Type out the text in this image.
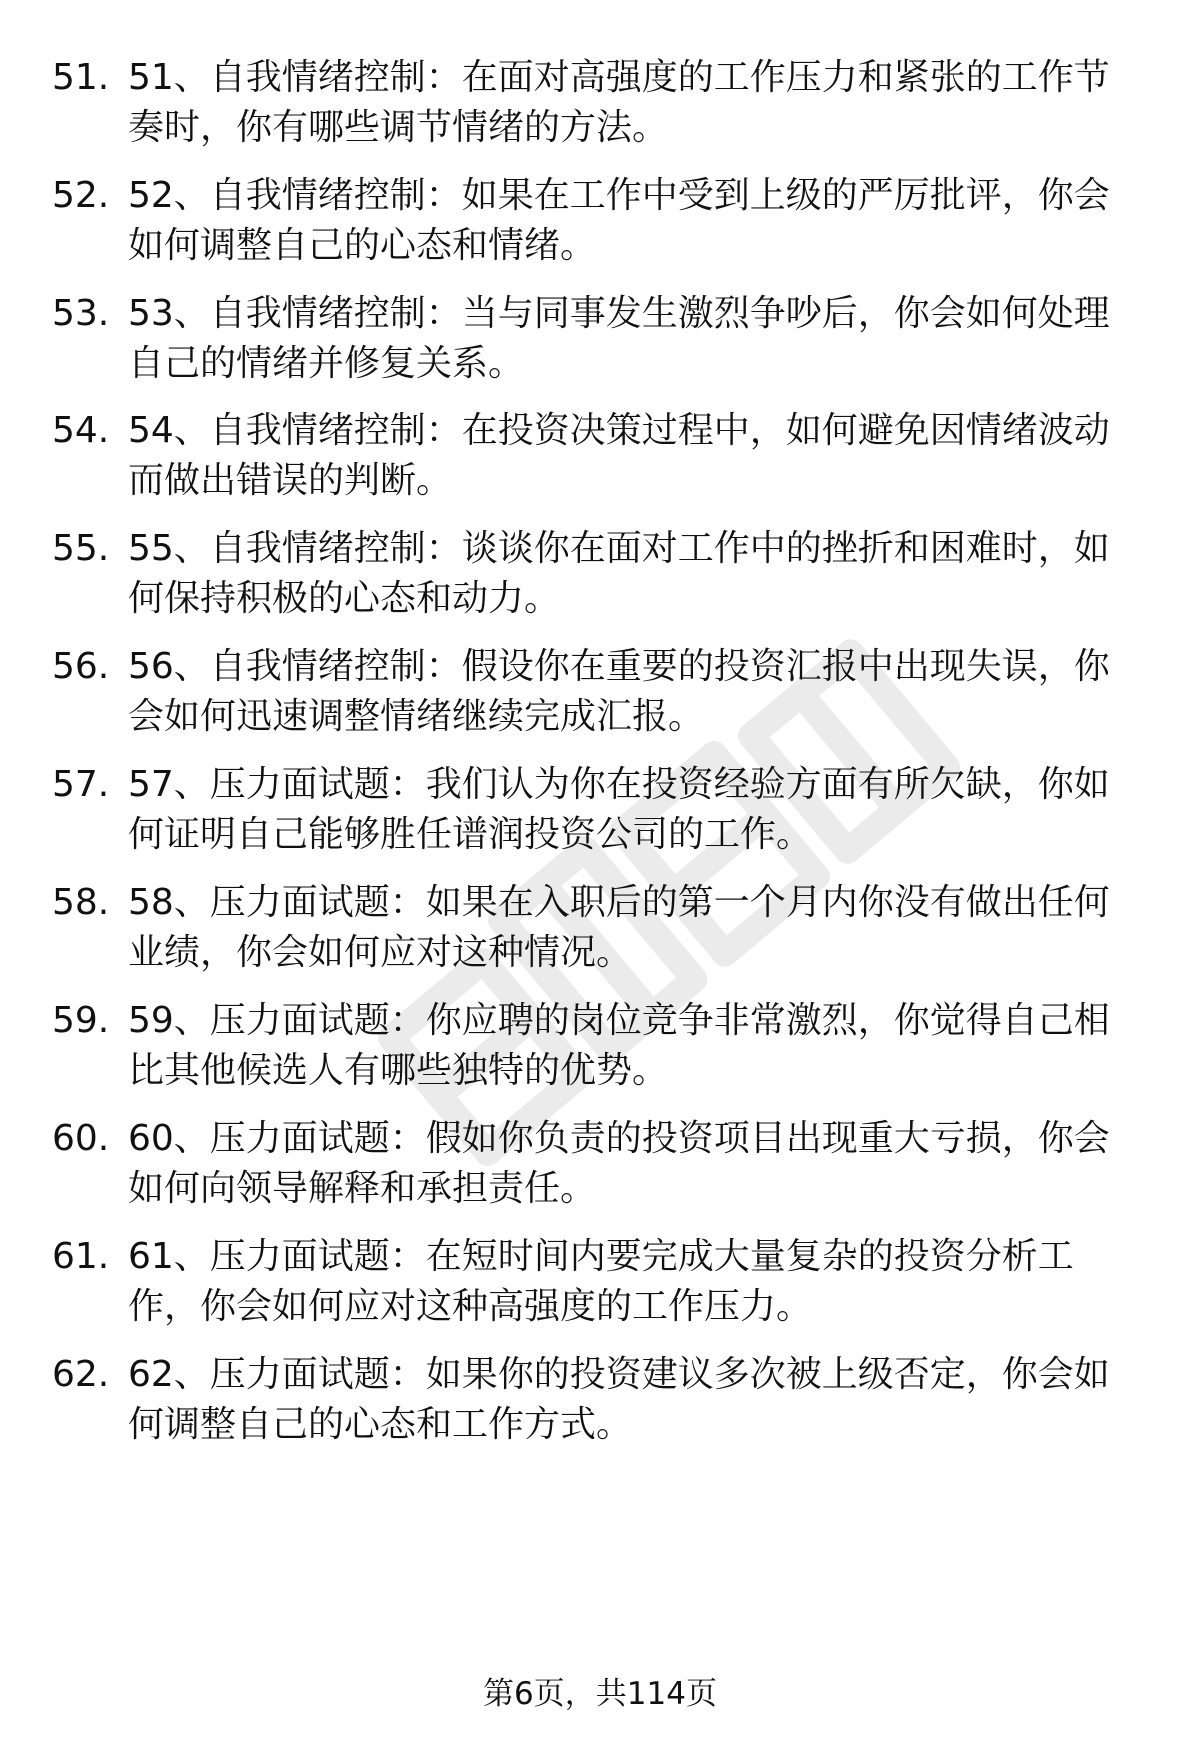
51. 51、自我情绪控制：在面对高强度的工作压力和紧张的工作节奏时，你有哪些调节情绪的方法。

52. 52、自我情绪控制：如果在工作中受到上级的严厉批评，你会如何调整自己的心态和情绪。

53. 53、自我情绪控制：当与同事发生激烈争吵后，你会如何处理自己的情绪并修复关系。

54. 54、自我情绪控制：在投资决策过程中，如何避免因情绪波动而做出错误的判断。

55. 55、自我情绪控制：谈谈你在面对工作中的挫折和困难时，如何保持积极的心态和动力。

56. 56、自我情绪控制：假设你在重要的投资汇报中出现失误，你会如何迅速调整情绪继续完成汇报。

57. 57、压力面试题：我们认为你在投资经验方面有所欠缺，你如何证明自己能够胜任谱润投资公司的工作。

58. 58、压力面试题：如果在入职后的第一个月内你没有做出任何业绩，你会如何应对这种情况。

59. 59、压力面试题：你应聘的岗位竞争非常激烈，你觉得自己相比其他候选人有哪些独特的优势。

60. 60、压力面试题：假如你负责的投资项目出现重大亏损，你会如何向领导解释和承担责任。

61. 61、压力面试题：在短时间内要完成大量复杂的投资分析工作，你会如何应对这种高强度的工作压力。

62. 62、压力面试题：如果你的投资建议多次被上级否定，你会如何调整自己的心态和工作方式。

第6页，共114页
